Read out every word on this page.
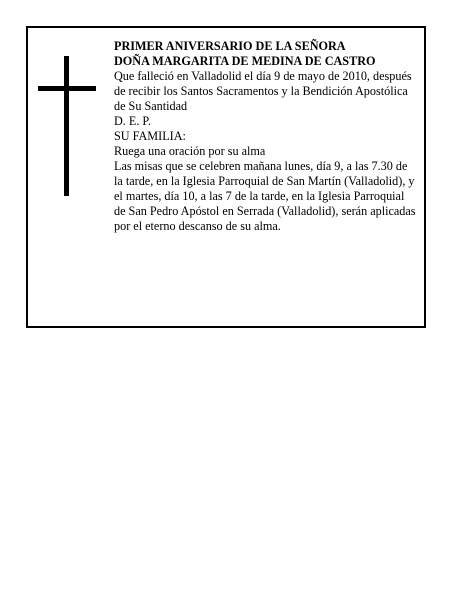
PRIMER ANIVERSARIO DE LA SEÑORA

DOÑA MARGARITA DE MEDINA DE CASTRO

Que falleció en Valladolid el día 9 de mayo de 2010, después de recibir los Santos Sacramentos y la Bendición Apostólica de Su Santidad

D. E. P.

SU FAMILIA:

Ruega una oración por su alma

Las misas que se celebren mañana lunes, día 9, a las 7.30 de la tarde, en la Iglesia Parroquial de San Martín (Valladolid), y el martes, día 10, a las 7 de la tarde, en la Iglesia Parroquial de San Pedro Apóstol en Serrada (Valladolid), serán aplicadas por el eterno descanso de su alma.
